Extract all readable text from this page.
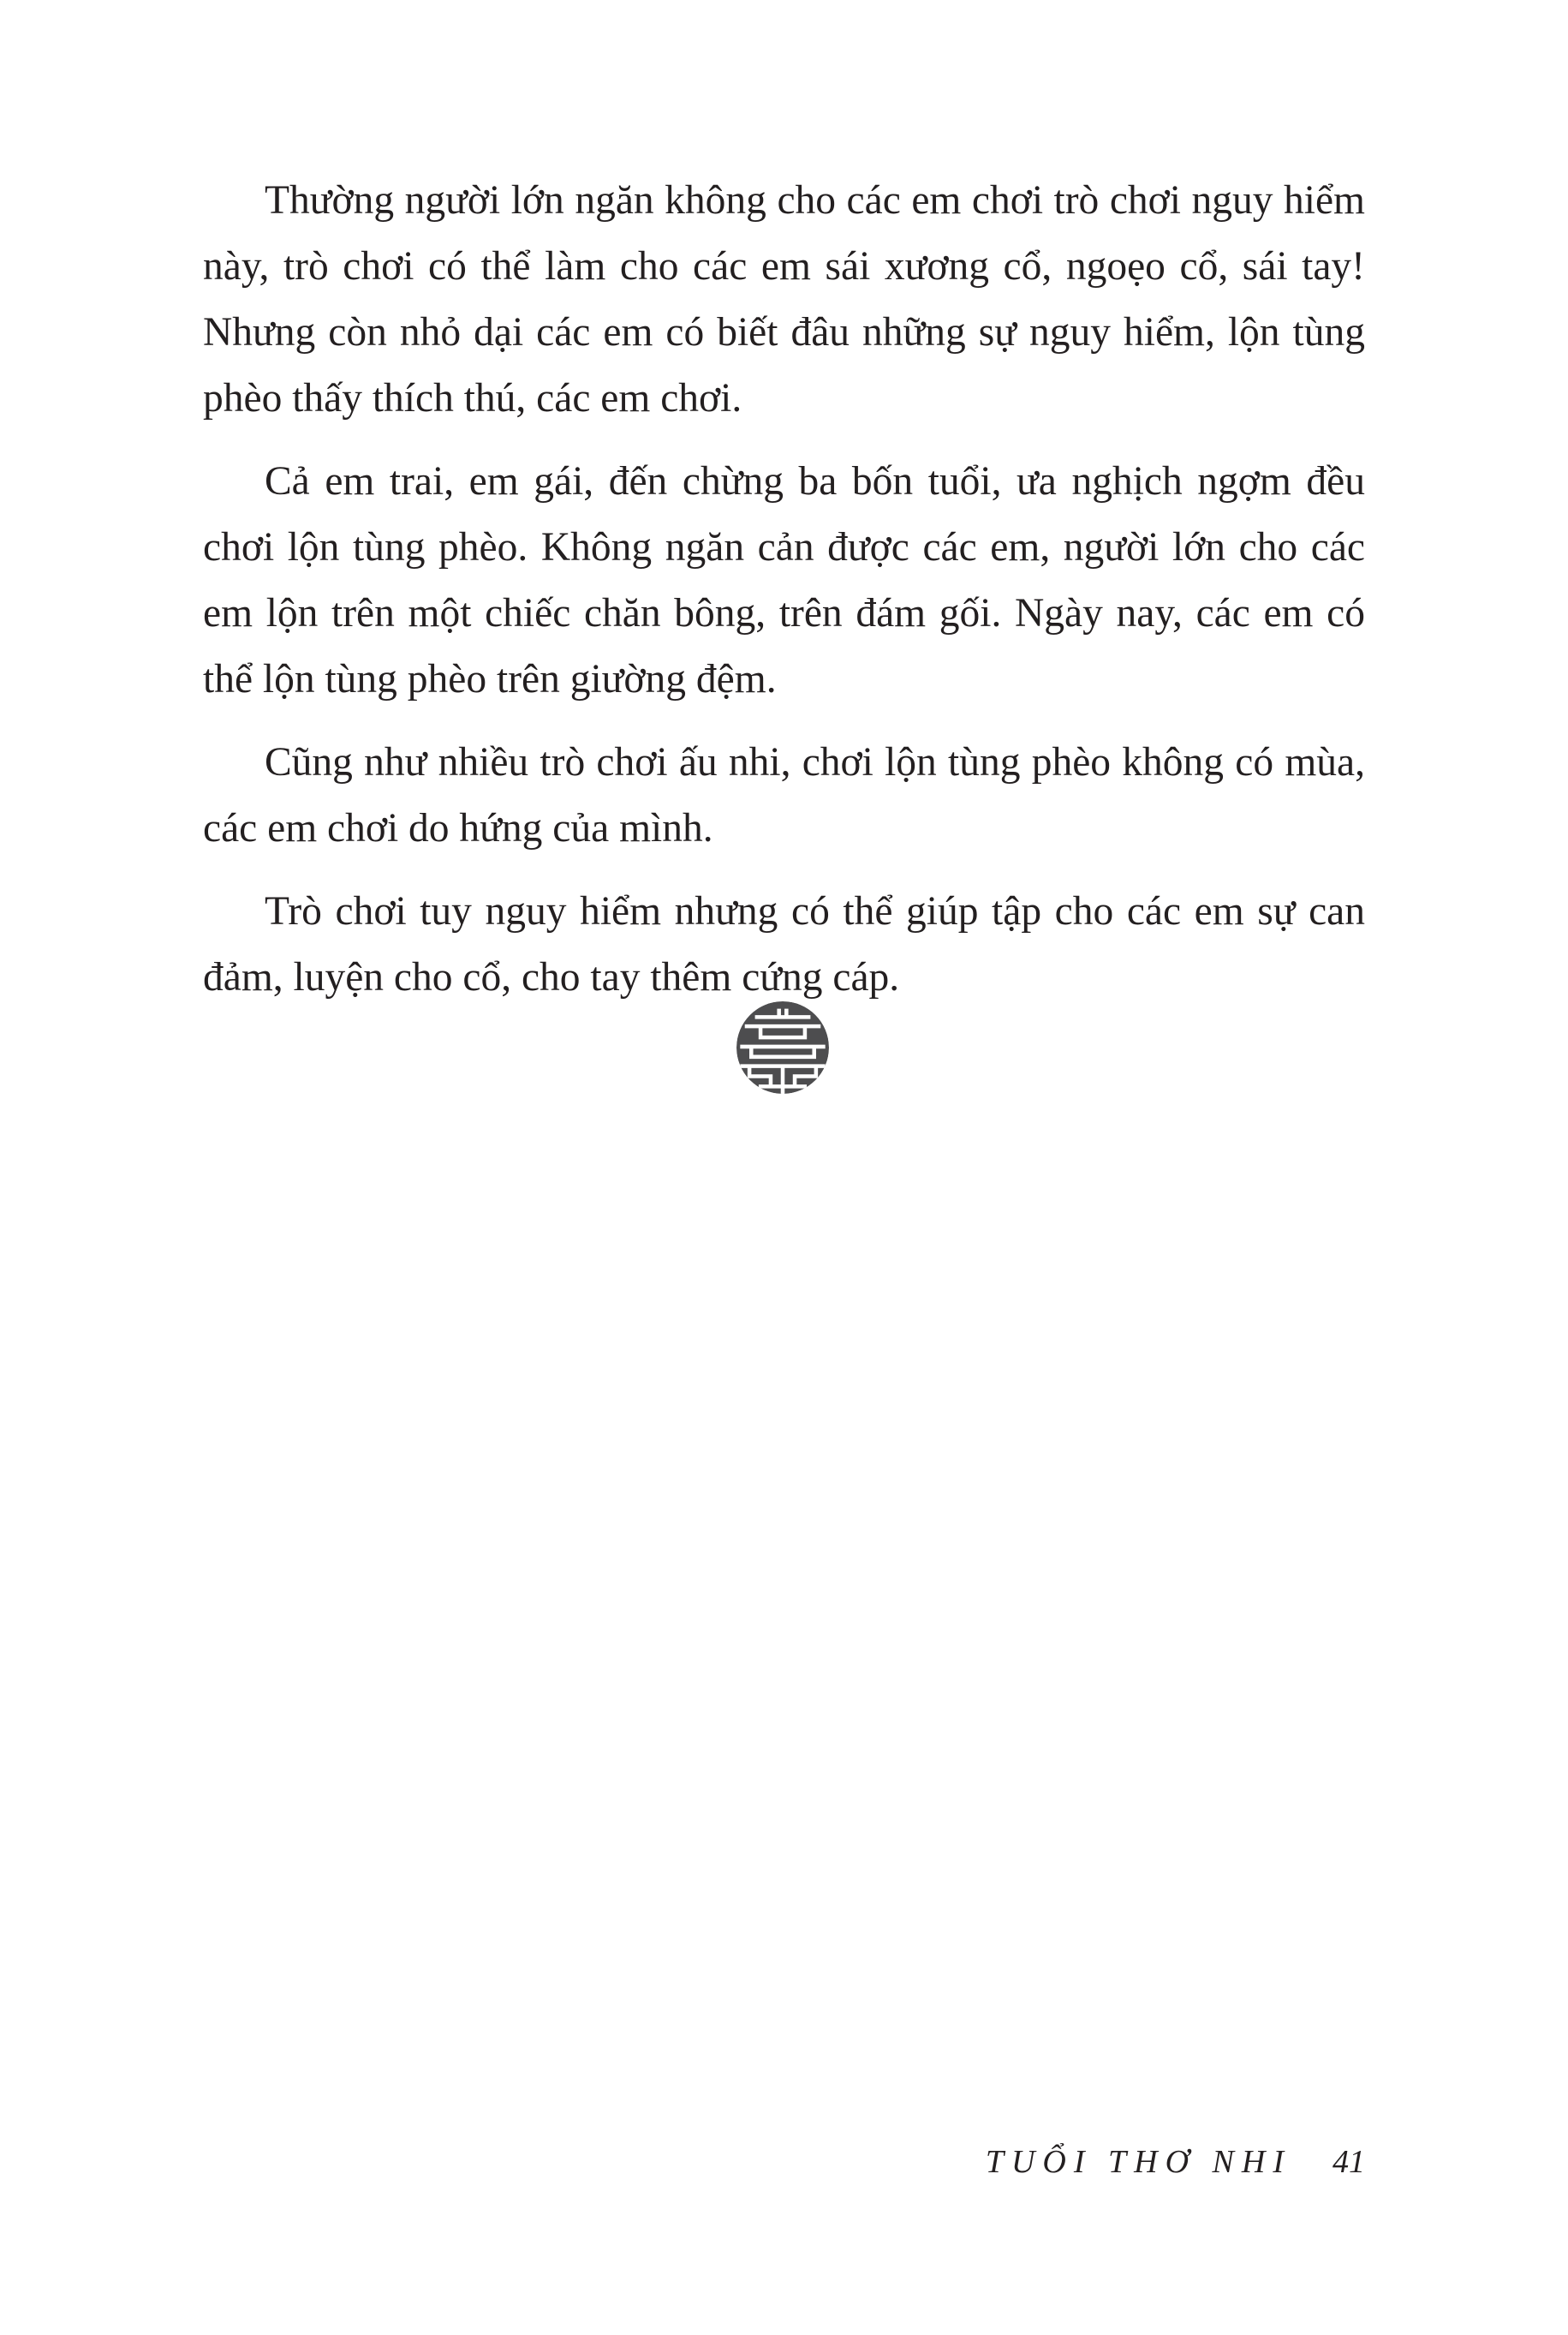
Thường người lớn ngăn không cho các em chơi trò chơi nguy hiểm này, trò chơi có thể làm cho các em sái xương cổ, ngoẹo cổ, sái tay! Nhưng còn nhỏ dại các em có biết đâu những sự nguy hiểm, lộn tùng phèo thấy thích thú, các em chơi.

Cả em trai, em gái, đến chừng ba bốn tuổi, ưa nghịch ngợm đều chơi lộn tùng phèo. Không ngăn cản được các em, người lớn cho các em lộn trên một chiếc chăn bông, trên đám gối. Ngày nay, các em có thể lộn tùng phèo trên giường đệm.

Cũng như nhiều trò chơi ấu nhi, chơi lộn tùng phèo không có mùa, các em chơi do hứng của mình.

Trò chơi tuy nguy hiểm nhưng có thể giúp tập cho các em sự can đảm, luyện cho cổ, cho tay thêm cứng cáp.

TUỔI THƠ NHI 41
